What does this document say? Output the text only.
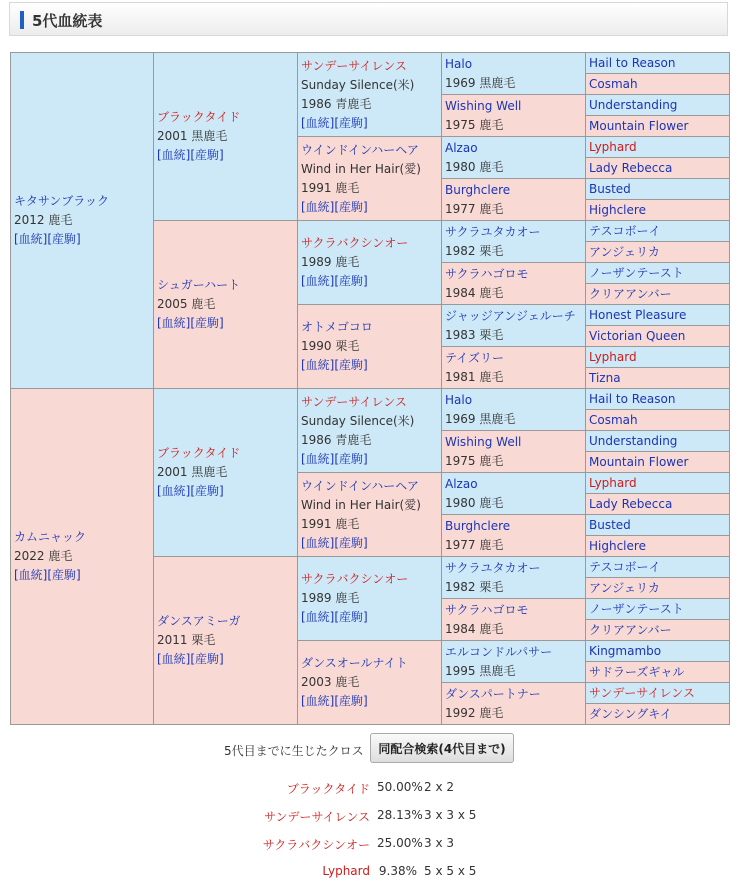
5代血統表
キタサンブラック
2012 鹿毛
[血統][産駒]	ブラックタイド
2001 黒鹿毛
[血統][産駒]	サンデーサイレンス
Sunday Silence(米)
1986 青鹿毛
[血統][産駒]	Halo
1969 黒鹿毛	Hail to Reason

				Cosmah

			Wishing Well
1975 鹿毛	Understanding

				Mountain Flower

		ウインドインハーヘア
Wind in Her Hair(愛)
1991 鹿毛
[血統][産駒]	Alzao
1980 鹿毛	Lyphard

				Lady Rebecca

			Burghclere
1977 鹿毛	Busted

				Highclere

	シュガーハート
2005 鹿毛
[血統][産駒]	サクラバクシンオー
1989 鹿毛
[血統][産駒]	サクラユタカオー
1982 栗毛	テスコボーイ

				アンジェリカ

			サクラハゴロモ
1984 鹿毛	ノーザンテースト

				クリアアンバー

		オトメゴコロ
1990 栗毛
[血統][産駒]	ジャッジアンジェルーチ
1983 栗毛	Honest Pleasure

				Victorian Queen

			テイズリー
1981 鹿毛	Lyphard

				Tizna

カムニャック
2022 鹿毛
[血統][産駒]	ブラックタイド
2001 黒鹿毛
[血統][産駒]	サンデーサイレンス
Sunday Silence(米)
1986 青鹿毛
[血統][産駒]	Halo
1969 黒鹿毛	Hail to Reason

				Cosmah

			Wishing Well
1975 鹿毛	Understanding

				Mountain Flower

		ウインドインハーヘア
Wind in Her Hair(愛)
1991 鹿毛
[血統][産駒]	Alzao
1980 鹿毛	Lyphard

				Lady Rebecca

			Burghclere
1977 鹿毛	Busted

				Highclere

	ダンスアミーガ
2011 栗毛
[血統][産駒]	サクラバクシンオー
1989 鹿毛
[血統][産駒]	サクラユタカオー
1982 栗毛	テスコボーイ

				アンジェリカ

			サクラハゴロモ
1984 鹿毛	ノーザンテースト

				クリアアンバー

		ダンスオールナイト
2003 鹿毛
[血統][産駒]	エルコンドルパサー
1995 黒鹿毛	Kingmambo

				サドラーズギャル

			ダンスパートナー
1992 鹿毛	サンデーサイレンス

				ダンシングキイ
5代目までに生じたクロス	同配合検索(4代目まで)
ブラックタイド 50.00% 2 x 2
サンデーサイレンス 28.13% 3 x 3 x 5
サクラバクシンオー 25.00% 3 x 3
Lyphard 9.38% 5 x 5 x 5
